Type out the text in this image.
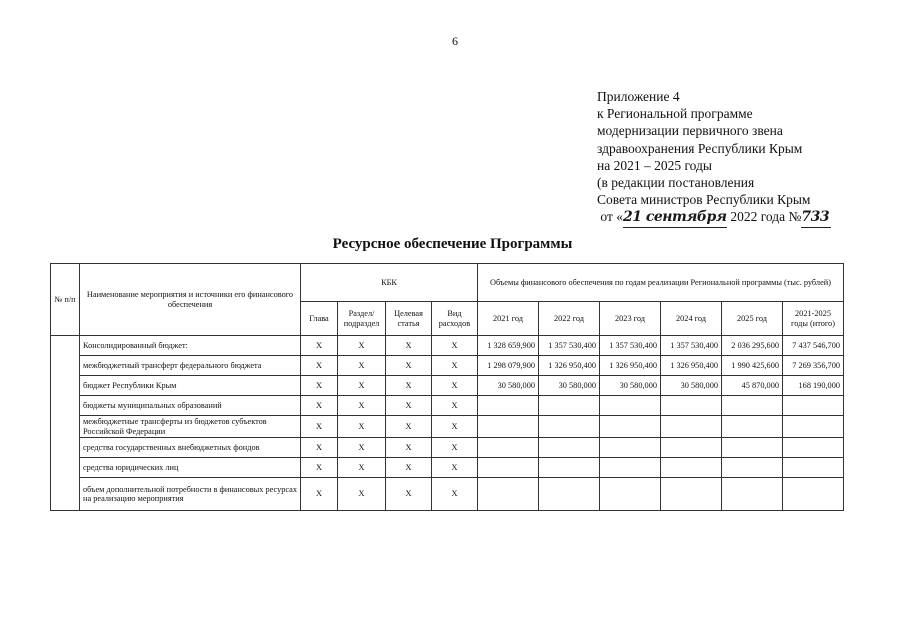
6
Приложение 4
к Региональной программе
модернизации первичного звена
здравоохранения Республики Крым
на 2021 – 2025 годы
(в редакции постановления
Совета министров Республики Крым
от «21 сентября 2022 года №733
Ресурсное обеспечение Программы
№ п/п	Наименование мероприятия и источники его финансового обеспечения	КБК				Объемы финансового обеспечения по годам реализации Региональной программы (тыс. рублей)					
		Глава	Раздел/ подраздел	Целевая статья	Вид расходов	2021 год	2022 год	2023 год	2024 год	2025 год	2021-2025 годы (итого)
	Консолидированный бюджет:	Х	Х	Х	Х	1 328 659,900	1 357 530,400	1 357 530,400	1 357 530,400	2 036 295,600	7 437 546,700
	межбюджетный трансферт федерального бюджета	Х	Х	Х	Х	1 298 079,900	1 326 950,400	1 326 950,400	1 326 950,400	1 990 425,600	7 269 356,700
	бюджет Республики Крым	Х	Х	Х	Х	30 580,000	30 580,000	30 580,000	30 580,000	45 870,000	168 190,000
	бюджеты муниципальных образований	Х	Х	Х	Х						
	межбюджетные трансферты из бюджетов субъектов Российской Федерации	Х	Х	Х	Х						
	средства государственных внебюджетных фондов	Х	Х	Х	Х						
	средства юридических лиц	Х	Х	Х	Х						
	объем дополнительной потребности в финансовых ресурсах на реализацию мероприятия	Х	Х	Х	Х						
